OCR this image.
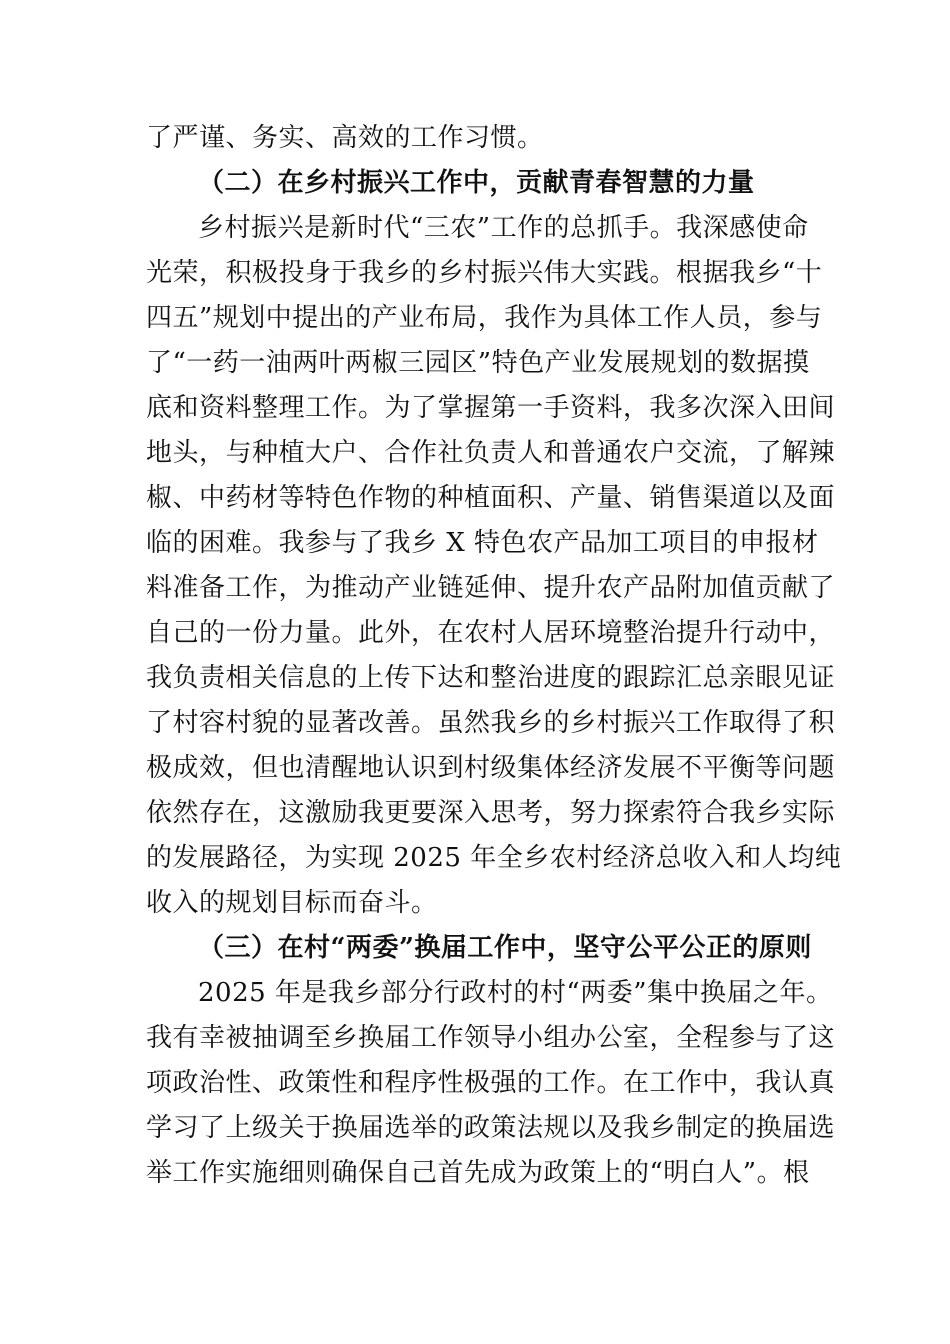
了严谨、务实、高效的工作习惯。
（二）在乡村振兴工作中，贡献青春智慧的力量
乡村振兴是新时代“三农”工作的总抓手。我深感使命
光荣，积极投身于我乡的乡村振兴伟大实践。根据我乡“十
四五”规划中提出的产业布局，我作为具体工作人员，参与
了“一药一油两叶两椒三园区”特色产业发展规划的数据摸
底和资料整理工作。为了掌握第一手资料，我多次深入田间
地头，与种植大户、合作社负责人和普通农户交流，了解辣
椒、中药材等特色作物的种植面积、产量、销售渠道以及面
临的困难。我参与了我乡 X 特色农产品加工项目的申报材
料准备工作，为推动产业链延伸、提升农产品附加值贡献了
自己的一份力量。此外，在农村人居环境整治提升行动中，
我负责相关信息的上传下达和整治进度的跟踪汇总亲眼见证
了村容村貌的显著改善。虽然我乡的乡村振兴工作取得了积
极成效，但也清醒地认识到村级集体经济发展不平衡等问题
依然存在，这激励我更要深入思考，努力探索符合我乡实际
的发展路径，为实现 2025 年全乡农村经济总收入和人均纯
收入的规划目标而奋斗。
（三）在村“两委”换届工作中，坚守公平公正的原则
2025 年是我乡部分行政村的村“两委”集中换届之年。
我有幸被抽调至乡换届工作领导小组办公室，全程参与了这
项政治性、政策性和程序性极强的工作。在工作中，我认真
学习了上级关于换届选举的政策法规以及我乡制定的换届选
举工作实施细则确保自己首先成为政策上的“明白人”。根
